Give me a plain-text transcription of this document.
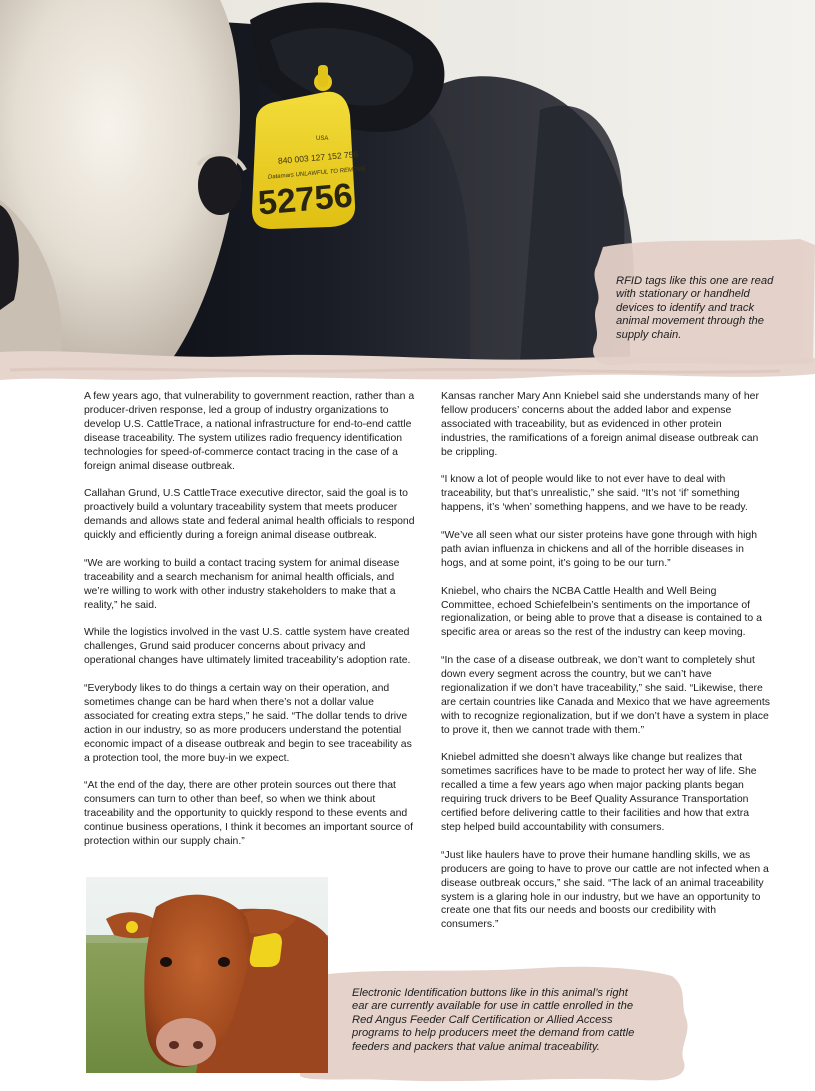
52756
840 003 127 152 756
Datamars UNLAWFUL TO REMOVE
USA
RFID tags like this one are read with stationary or handheld devices to identify and track animal movement through the supply chain.

A few years ago, that vulnerability to government reaction, rather than a producer-driven response, led a group of industry organizations to develop U.S. CattleTrace, a national infrastructure for end-to-end cattle disease traceability. The system utilizes radio frequency identification technologies for speed-of-commerce contact tracing in the case of a foreign animal disease outbreak.

Callahan Grund, U.S CattleTrace executive director, said the goal is to proactively build a voluntary traceability system that meets producer demands and allows state and federal animal health officials to respond quickly and efficiently during a foreign animal disease outbreak.

“We are working to build a contact tracing system for animal disease traceability and a search mechanism for animal health officials, and we’re willing to work with other industry stakeholders to make that a reality,” he said.

While the logistics involved in the vast U.S. cattle system have created challenges, Grund said producer concerns about privacy and operational changes have ultimately limited traceability’s adoption rate.

“Everybody likes to do things a certain way on their operation, and sometimes change can be hard when there’s not a dollar value associated for creating extra steps,” he said. “The dollar tends to drive action in our industry, so as more producers understand the potential economic impact of a disease outbreak and begin to see traceability as a protection tool, the more buy-in we expect.

“At the end of the day, there are other protein sources out there that consumers can turn to other than beef, so when we think about traceability and the opportunity to quickly respond to these events and continue business operations, I think it becomes an important source of protection within our supply chain.”

Kansas rancher Mary Ann Kniebel said she understands many of her fellow producers’ concerns about the added labor and expense associated with traceability, but as evidenced in other protein industries, the ramifications of a foreign animal disease outbreak can be crippling.

“I know a lot of people would like to not ever have to deal with traceability, but that’s unrealistic,” she said. “It’s not ‘if’ something happens, it’s ‘when’ something happens, and we have to be ready.

“We’ve all seen what our sister proteins have gone through with high path avian influenza in chickens and all of the horrible diseases in hogs, and at some point, it’s going to be our turn.”

Kniebel, who chairs the NCBA Cattle Health and Well Being Committee, echoed Schiefelbein’s sentiments on the importance of regionalization, or being able to prove that a disease is contained to a specific area or areas so the rest of the industry can keep moving.

“In the case of a disease outbreak, we don’t want to completely shut down every segment across the country, but we can’t have regionalization if we don’t have traceability,” she said. “Likewise, there are certain countries like Canada and Mexico that we have agreements with to recognize regionalization, but if we don’t have a system in place to prove it, then we cannot trade with them.”

Kniebel admitted she doesn’t always like change but realizes that sometimes sacrifices have to be made to protect her way of life. She recalled a time a few years ago when major packing plants began requiring truck drivers to be Beef Quality Assurance Transportation certified before delivering cattle to their facilities and how that extra step helped build accountability with consumers.

“Just like haulers have to prove their humane handling skills, we as producers are going to have to prove our cattle are not infected when a disease outbreak occurs,” she said. “The lack of an animal traceability system is a glaring hole in our industry, but we have an opportunity to create one that fits our needs and boosts our credibility with consumers.”

Electronic Identification buttons like in this animal’s right ear are currently available for use in cattle enrolled in the Red Angus Feeder Calf Certification or Allied Access programs to help producers meet the demand from cattle feeders and packers that value animal traceability.
